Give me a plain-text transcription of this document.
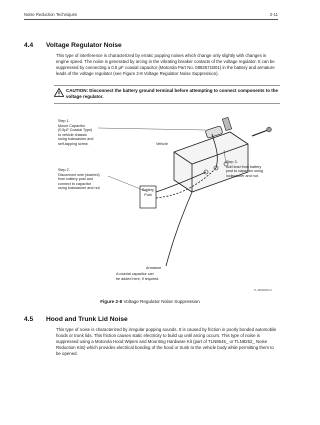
Noise Reduction Techniques	2-11
4.4 Voltage Regulator Noise

This type of interference is characterized by erratic popping noises which change only slightly with changes in engine speed. The noise is generated by arcing in the vibrating breaker contacts of the voltage regulator. It can be suppressed by connecting a 0.5 µF coaxial capacitor (Motorola Part No. 0882571B01) in the battery and armature leads of the voltage regulator (see Figure 2-8 Voltage Regulator Noise Suppression).

CAUTION: Disconnect the battery ground terminal before attempting to connect components to the voltage regulator.
Step 1.
Mount Capacitor
(0.5µF Coaxial Type)
to vehicle chassis
using lockwasher and
self-tapping screw.
Step 2.
Disconnect wire (dashed)
from battery post and
connect to capacitor
using lockwasher and nut
Step 3.
Add lead from battery
post to capacitor using
lockwasher and nut.
Vehicle
Battery
Post
Armature
A coaxial capacitor can
be added here, if required.
TL-8600809-O
Figure 2-8 Voltage Regulator Noise Suppression
4.5 Hood and Trunk Lid Noise

This type of noise is characterized by irregular popping sounds. It is caused by friction in poorly bonded automobile hoods or trunk lids. This friction causes static electricity to build up until arcing occurs. This type of noise is suppressed using a Motorola Hood Wipers and Mounting Hardware Kit (part of TLN8645_ or TLN8252_ Noise Reduction Kits) which provides electrical bonding of the hood or trunk to the vehicle body while permitting them to be opened.
